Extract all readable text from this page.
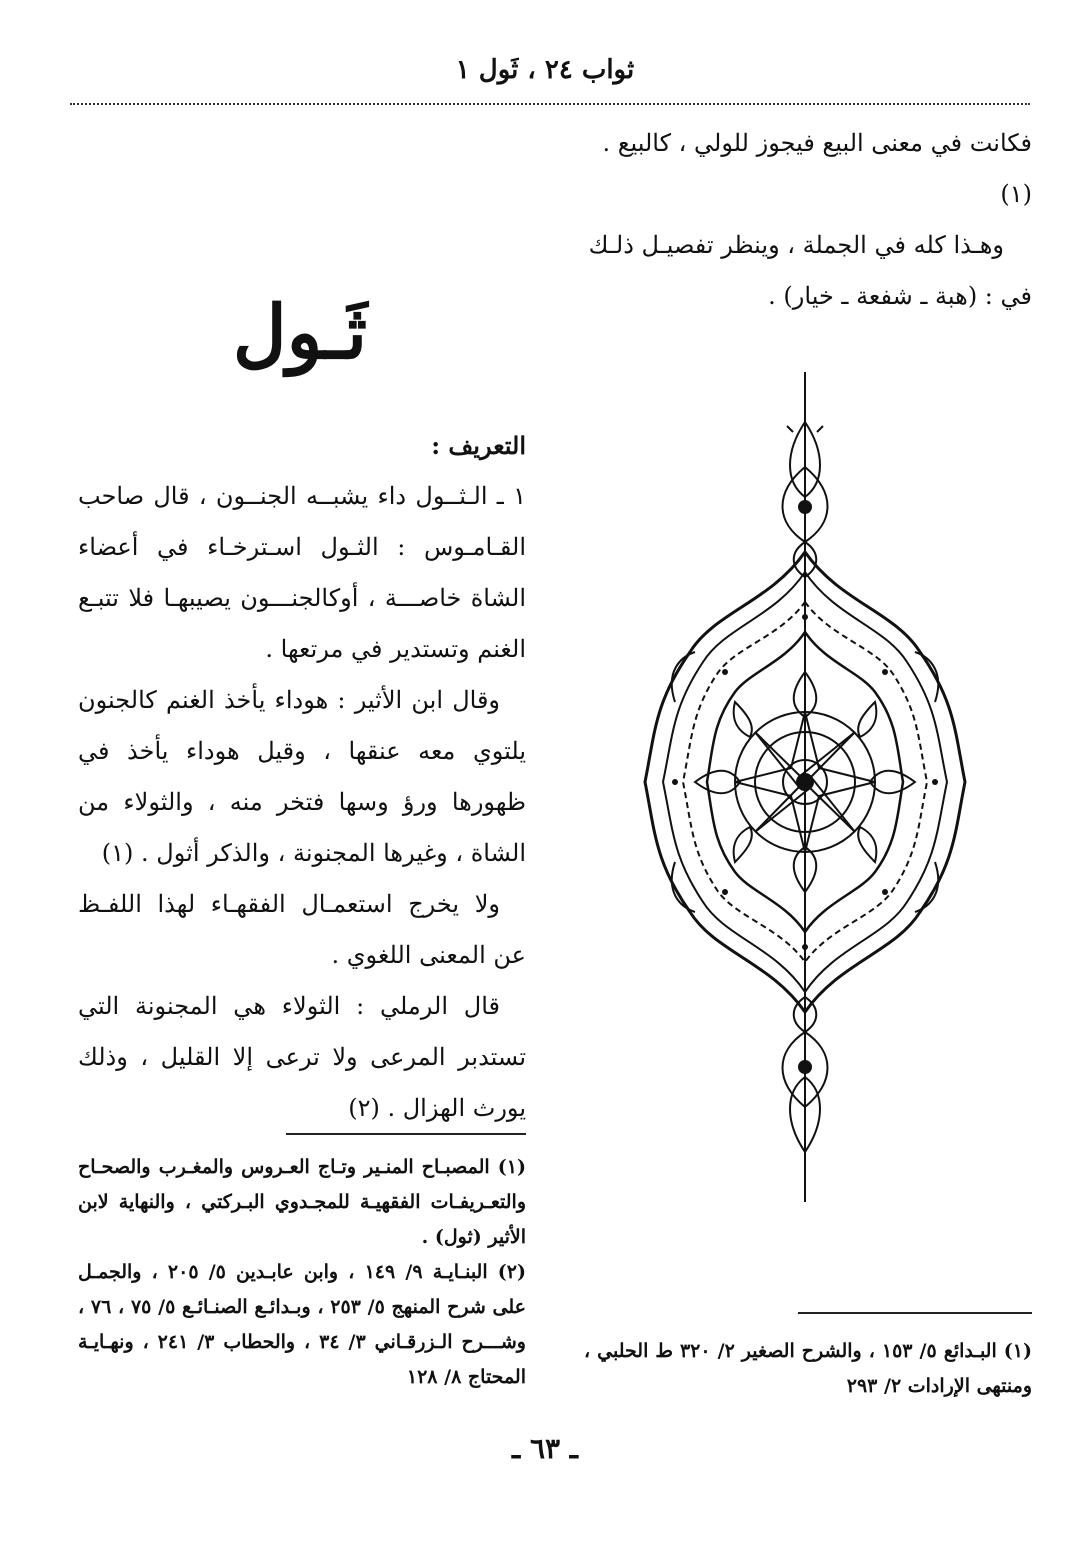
ثواب ٢٤ ، ثَول ١
فكانت في معنى البيع فيجوز للولي ، كالبيع . (١)
وهـذا كله في الجملة ، وينظر تفصيـل ذلـك
في : (هبة ـ شفعة ـ خيار) .
ثَـول
التعريف :
١ ـ الـثــول داء يشبــه الجنــون ، قال صاحب القـامـوس : الثـول اسـترخـاء في أعضاء الشاة خاصـــة ، أوكالجنـــون يصيبهـا فلا تتبـع الغنم وتستدير في مرتعها .
وقال ابن الأثير : هوداء يأخذ الغنم كالجنون يلتوي معه عنقها ، وقيل هوداء يأخذ في ظهورها ورؤ وسها فتخر منه ، والثولاء من الشاة ، وغيرها المجنونة ، والذكر أثول . (١)
ولا يخرج استعمـال الفقهـاء لهذا اللفـظ عن المعنى اللغوي .
قال الرملي : الثولاء هي المجنونة التي تستدبر المرعى ولا ترعى إلا القليل ، وذلك يورث الهزال . (٢)
(١) المصبـاح المنـير وتـاج العـروس والمغـرب والصحـاح والتعـريفـات الفقهيـة للمجـدوي البـركتي ، والنهاية لابن الأثير (ثول) .
(٢) البنـايـة ٩/ ١٤٩ ، وابن عابـدين ٥/ ٢٠٥ ، والجمـل على شرح المنهج ٥/ ٢٥٣ ، وبـدائـع الصنـائـع ٥/ ٧٥ ، ٧٦ ، وشـــرح الـزرقـاني ٣/ ٣٤ ، والحطاب ٣/ ٢٤١ ، ونهـايـة المحتاج ٨/ ١٢٨
(١) البـدائع ٥/ ١٥٣ ، والشرح الصغير ٢/ ٣٢٠ ط الحلبي ، ومنتهى الإرادات ٢/ ٢٩٣
ـ ٦٣ ـ
